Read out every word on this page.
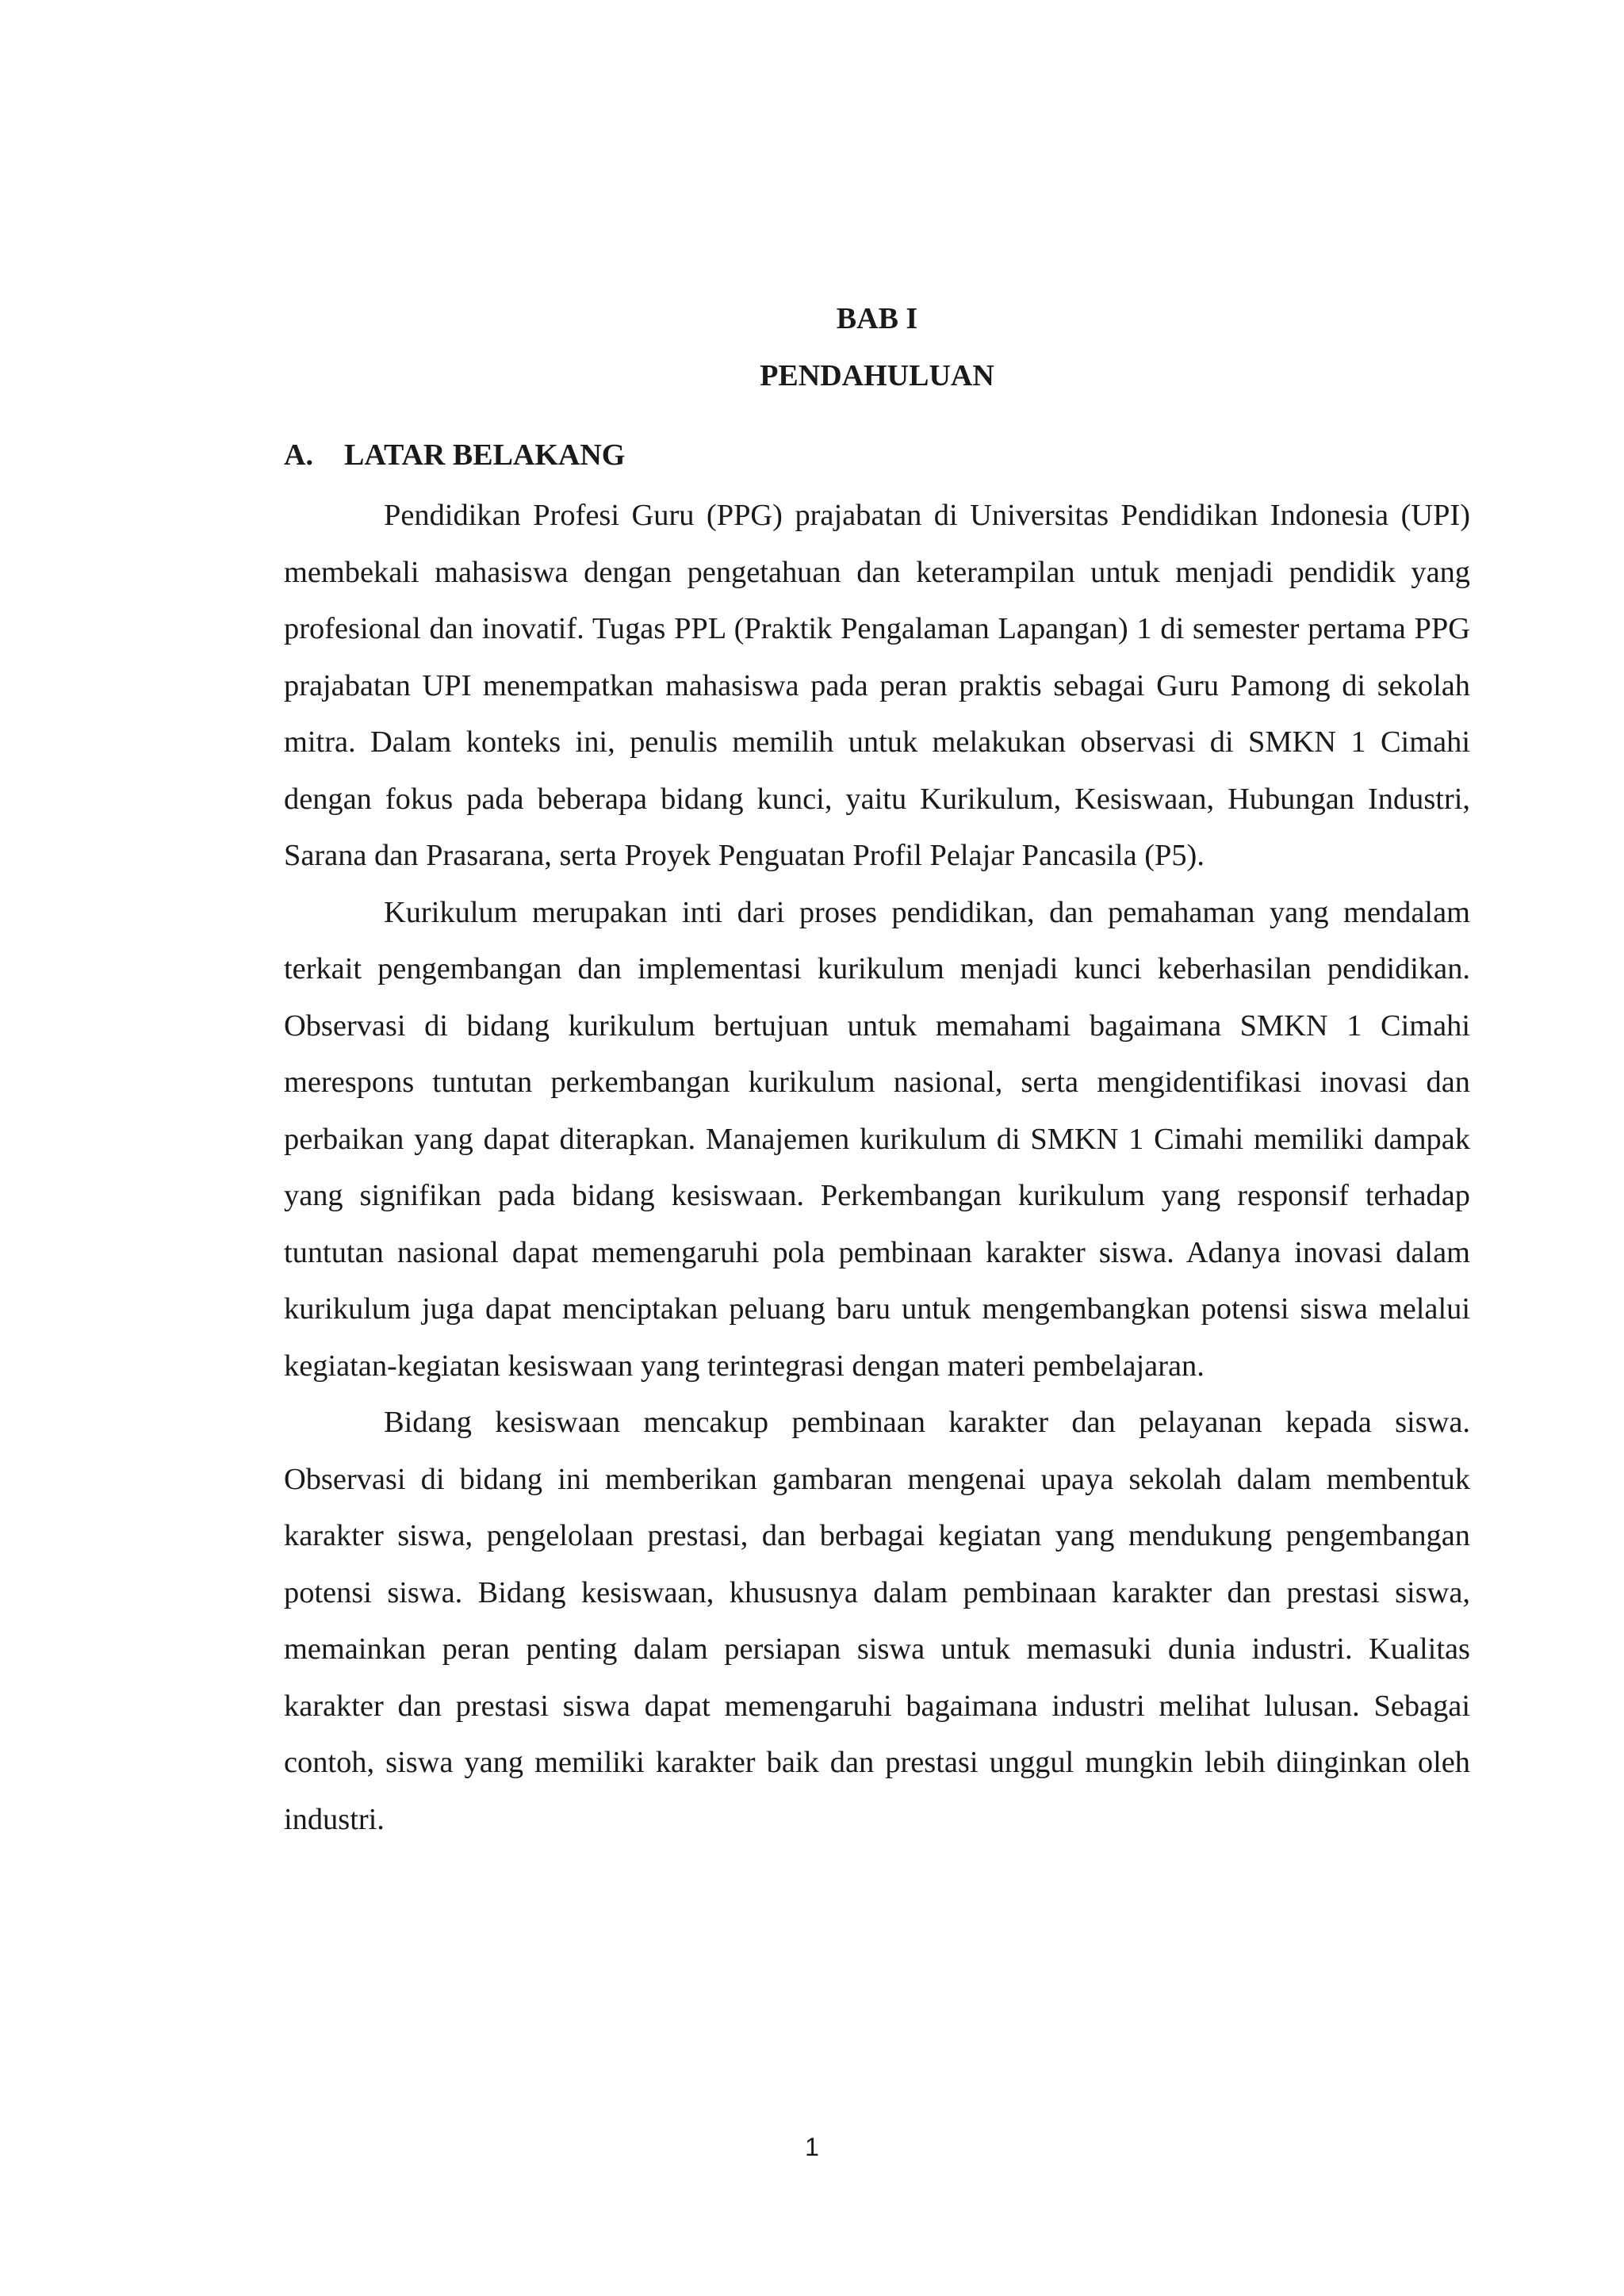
BAB I
PENDAHULUAN
A. LATAR BELAKANG

Pendidikan Profesi Guru (PPG) prajabatan di Universitas Pendidikan Indonesia (UPI) membekali mahasiswa dengan pengetahuan dan keterampilan untuk menjadi pendidik yang profesional dan inovatif. Tugas PPL (Praktik Pengalaman Lapangan) 1 di semester pertama PPG prajabatan UPI menempatkan mahasiswa pada peran praktis sebagai Guru Pamong di sekolah mitra. Dalam konteks ini, penulis memilih untuk melakukan observasi di SMKN 1 Cimahi dengan fokus pada beberapa bidang kunci, yaitu Kurikulum, Kesiswaan, Hubungan Industri, Sarana dan Prasarana, serta Proyek Penguatan Profil Pelajar Pancasila (P5).

Kurikulum merupakan inti dari proses pendidikan, dan pemahaman yang mendalam terkait pengembangan dan implementasi kurikulum menjadi kunci keberhasilan pendidikan. Observasi di bidang kurikulum bertujuan untuk memahami bagaimana SMKN 1 Cimahi merespons tuntutan perkembangan kurikulum nasional, serta mengidentifikasi inovasi dan perbaikan yang dapat diterapkan. Manajemen kurikulum di SMKN 1 Cimahi memiliki dampak yang signifikan pada bidang kesiswaan. Perkembangan kurikulum yang responsif terhadap tuntutan nasional dapat memengaruhi pola pembinaan karakter siswa. Adanya inovasi dalam kurikulum juga dapat menciptakan peluang baru untuk mengembangkan potensi siswa melalui kegiatan-kegiatan kesiswaan yang terintegrasi dengan materi pembelajaran.

Bidang kesiswaan mencakup pembinaan karakter dan pelayanan kepada siswa. Observasi di bidang ini memberikan gambaran mengenai upaya sekolah dalam membentuk karakter siswa, pengelolaan prestasi, dan berbagai kegiatan yang mendukung pengembangan potensi siswa. Bidang kesiswaan, khususnya dalam pembinaan karakter dan prestasi siswa, memainkan peran penting dalam persiapan siswa untuk memasuki dunia industri. Kualitas karakter dan prestasi siswa dapat memengaruhi bagaimana industri melihat lulusan. Sebagai contoh, siswa yang memiliki karakter baik dan prestasi unggul mungkin lebih diinginkan oleh industri.

1
